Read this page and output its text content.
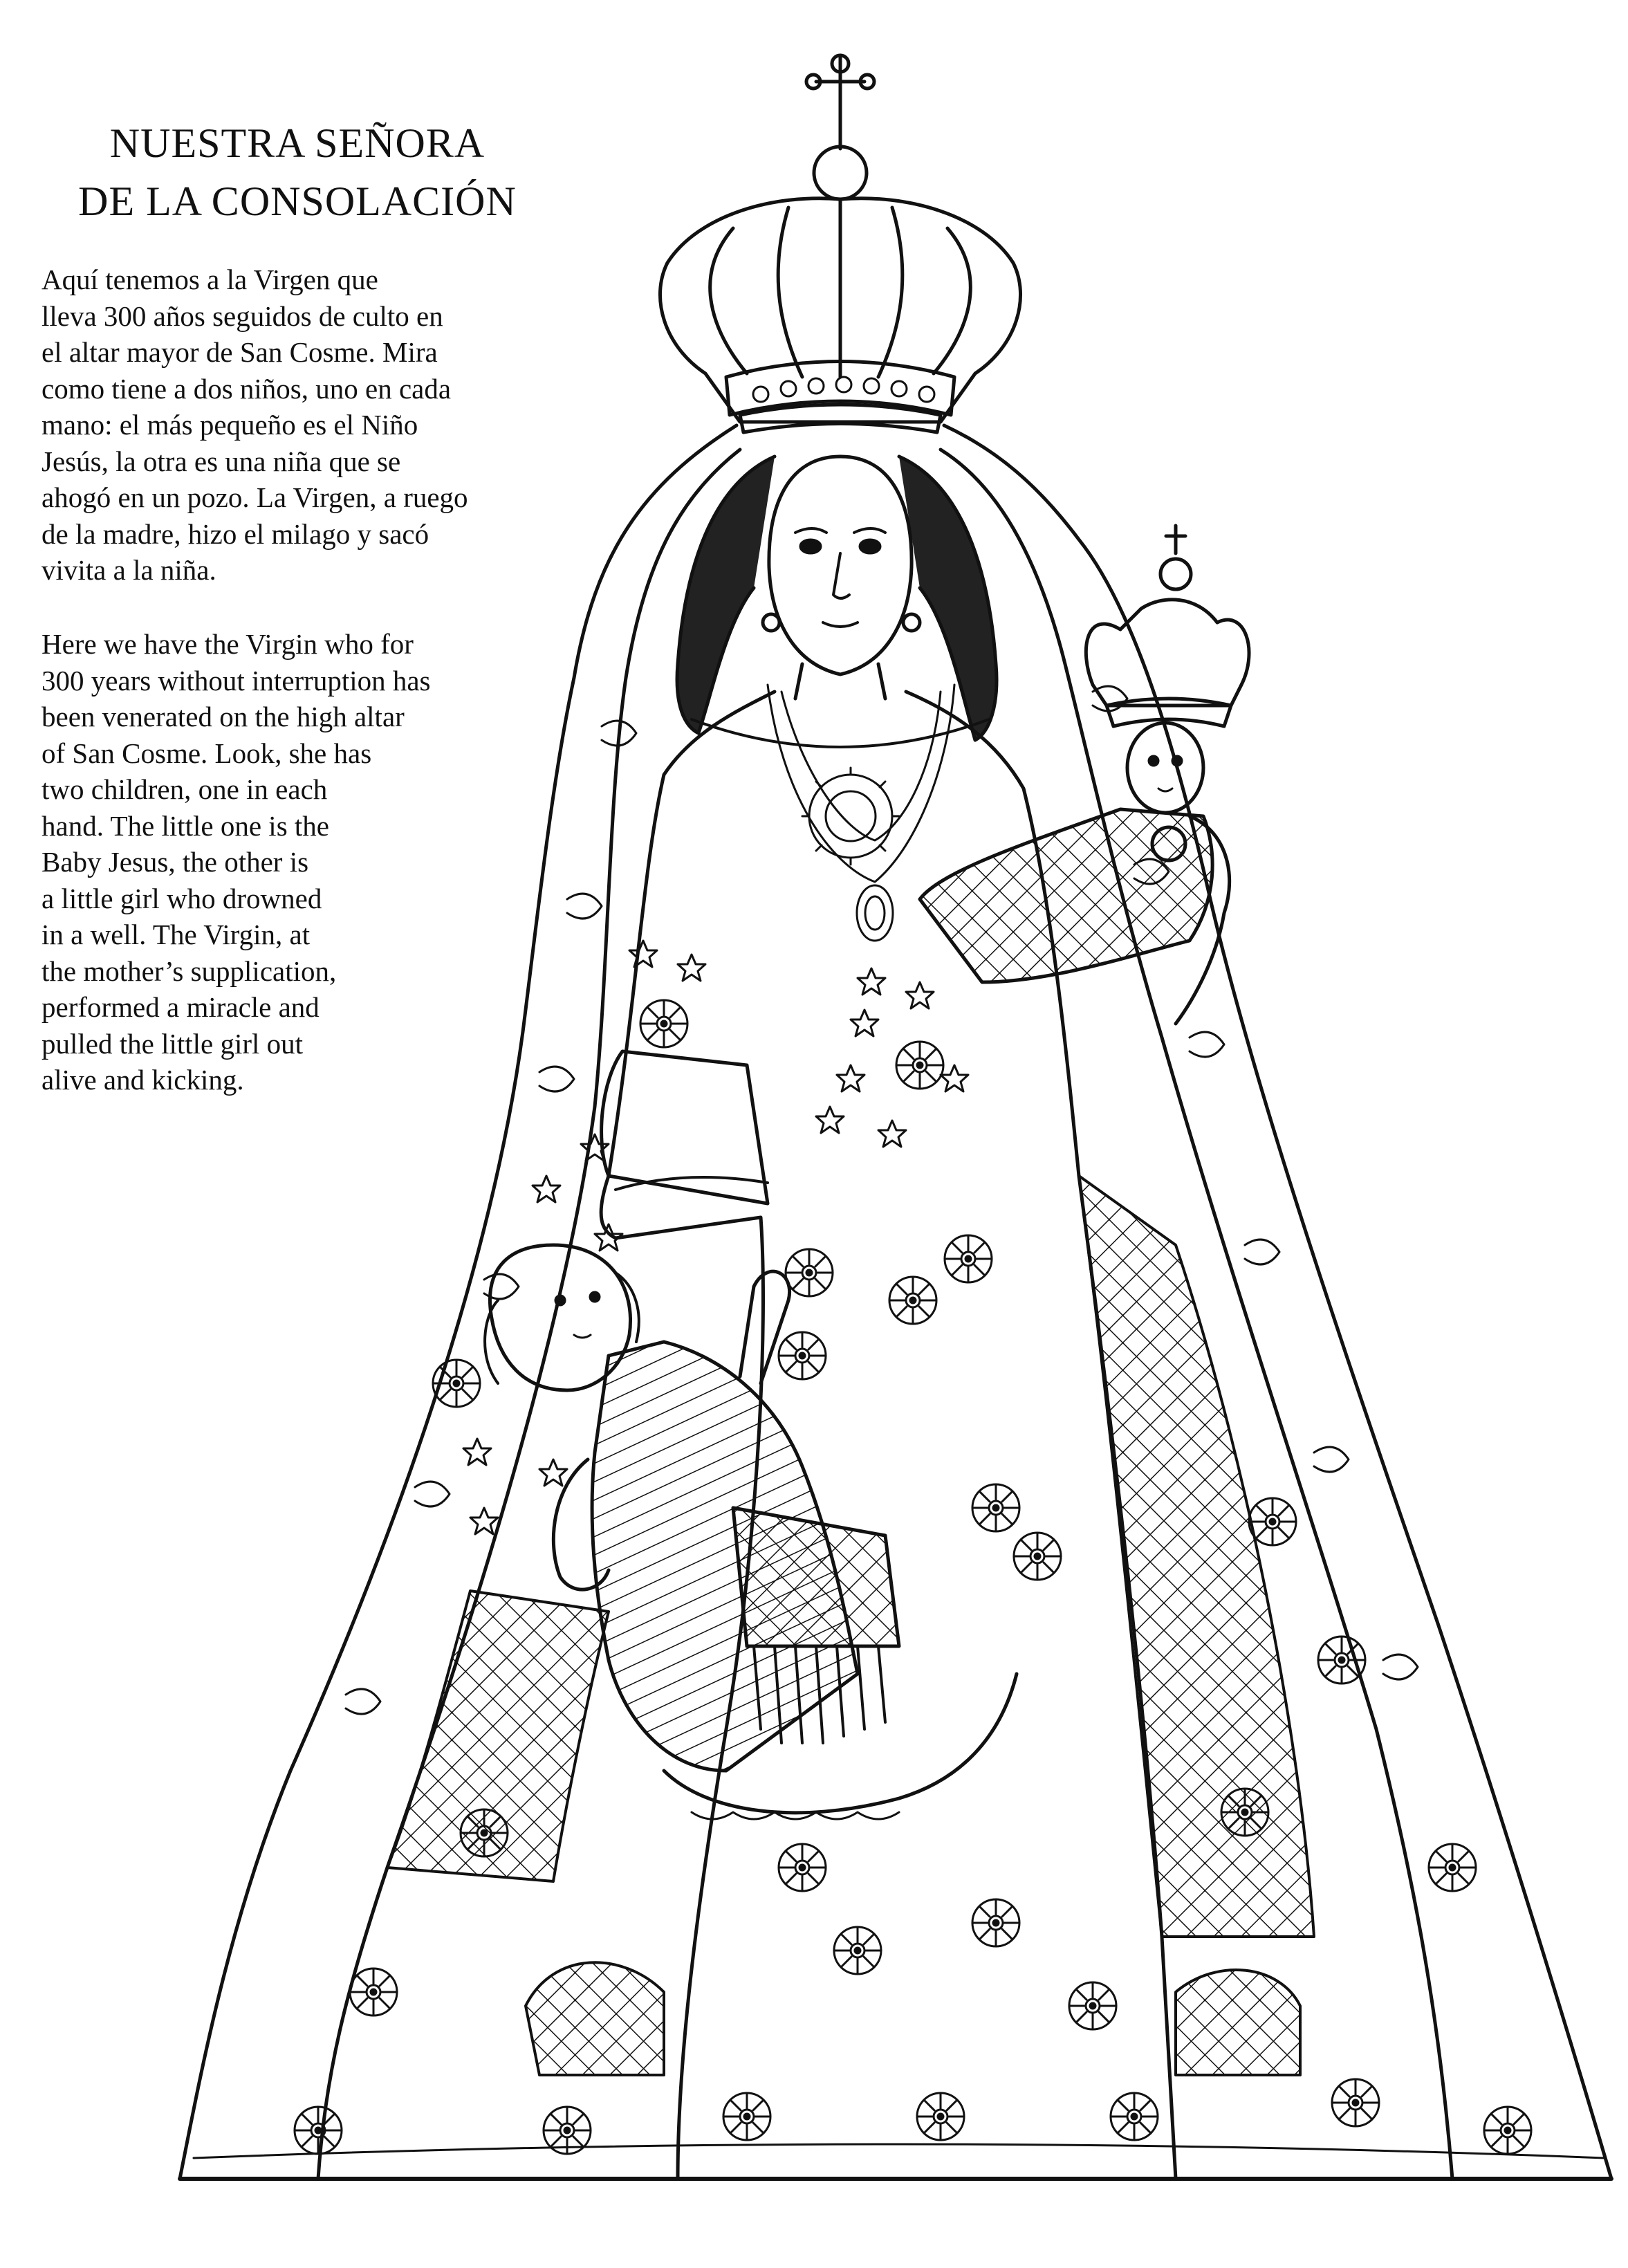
NUESTRA SEÑORA
DE LA CONSOLACIÓN
Aquí tenemos a la Virgen que
lleva 300 años seguidos de culto en
el altar mayor de San Cosme. Mira
como tiene a dos niños, uno en cada
mano: el más pequeño es el Niño
Jesús, la otra es una niña que se
ahogó en un pozo. La Virgen, a ruego
de la madre, hizo el milago y sacó
vivita a la niña.
Here we have the Virgin who for
300 years without interruption has
been venerated on the high altar
of San Cosme. Look, she has
two children, one in each
hand. The little one is the
Baby Jesus, the other is
a little girl who drowned
in a well. The Virgin, at
the mother’s supplication,
performed a miracle and
pulled the little girl out
alive and kicking.
